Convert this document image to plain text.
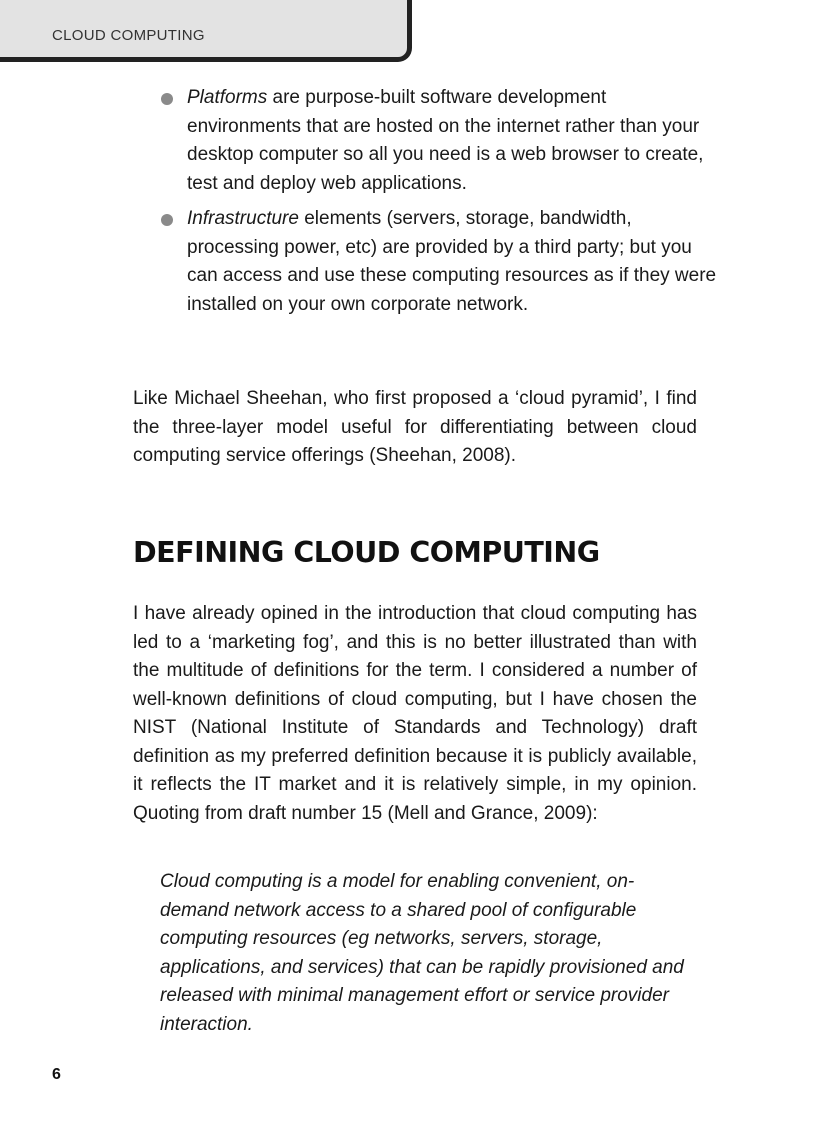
CLOUD COMPUTING
Platforms are purpose-built software development environments that are hosted on the internet rather than your desktop computer so all you need is a web browser to create, test and deploy web applications.
Infrastructure elements (servers, storage, bandwidth, processing power, etc) are provided by a third party; but you can access and use these computing resources as if they were installed on your own corporate network.

Like Michael Sheehan, who first proposed a ‘cloud pyramid’, I find the three-layer model useful for differentiating between cloud computing service offerings (Sheehan, 2008).

DEFINING CLOUD COMPUTING

I have already opined in the introduction that cloud computing has led to a ‘marketing fog’, and this is no better illustrated than with the multitude of definitions for the term. I considered a number of well-known definitions of cloud computing, but I have chosen the NIST (National Institute of Standards and Technology) draft definition as my preferred definition because it is publicly available, it reflects the IT market and it is relatively simple, in my opinion. Quoting from draft number 15 (Mell and Grance, 2009):

Cloud computing is a model for enabling convenient, on-demand network access to a shared pool of configurable computing resources (eg networks, servers, storage, applications, and services) that can be rapidly provisioned and released with minimal management effort or service provider interaction.

6
